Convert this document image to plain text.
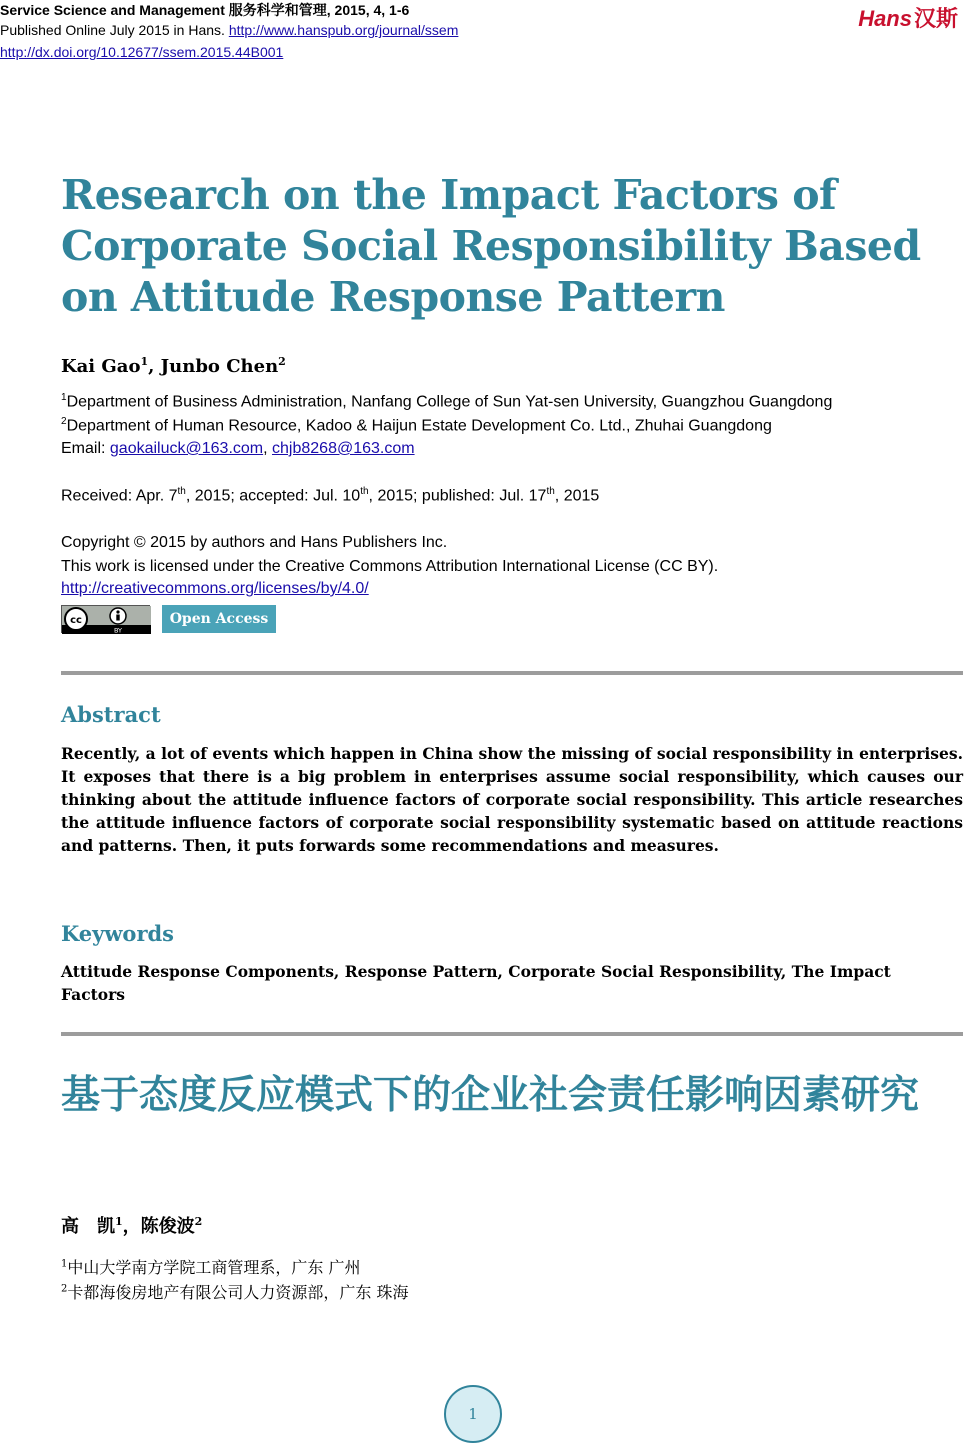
Service Science and Management 服务科学和管理, 2015, 4, 1-6
Published Online July 2015 in Hans. http://www.hanspub.org/journal/ssem
http://dx.doi.org/10.12677/ssem.2015.44B001
Hans汉斯
Research on the Impact Factors of Corporate Social Responsibility Based on Attitude Response Pattern
Kai Gao$^1$, Junbo Chen$^2$
$^1$Department of Business Administration, Nanfang College of Sun Yat-sen University, Guangzhou Guangdong
$^2$Department of Human Resource, Kadoo & Haijun Estate Development Co. Ltd., Zhuhai Guangdong
Email: gaokailuck@163.com, chjb8268@163.com
Received: Apr. 7th, 2015; accepted: Jul. 10th, 2015; published: Jul. 17th, 2015
Copyright © 2015 by authors and Hans Publishers Inc.
This work is licensed under the Creative Commons Attribution International License (CC BY).
http://creativecommons.org/licenses/by/4.0/
cc
BY
Open Access
Abstract

Recently, a lot of events which happen in China show the missing of social responsibility in enterprises. It exposes that there is a big problem in enterprises assume social responsibility, which causes our thinking about the attitude influence factors of corporate social responsibility. This article researches the attitude influence factors of corporate social responsibility systematic based on attitude reactions and patterns. Then, it puts forwards some recommendations and measures.

Keywords

Attitude Response Components, Response Pattern, Corporate Social Responsibility, The Impact Factors

基于态度反应模式下的企业社会责任影响因素研究
高　凯$^1$，陈俊波$^2$
$^1$中山大学南方学院工商管理系，广东 广州
$^2$卡都海俊房地产有限公司人力资源部，广东 珠海
1
